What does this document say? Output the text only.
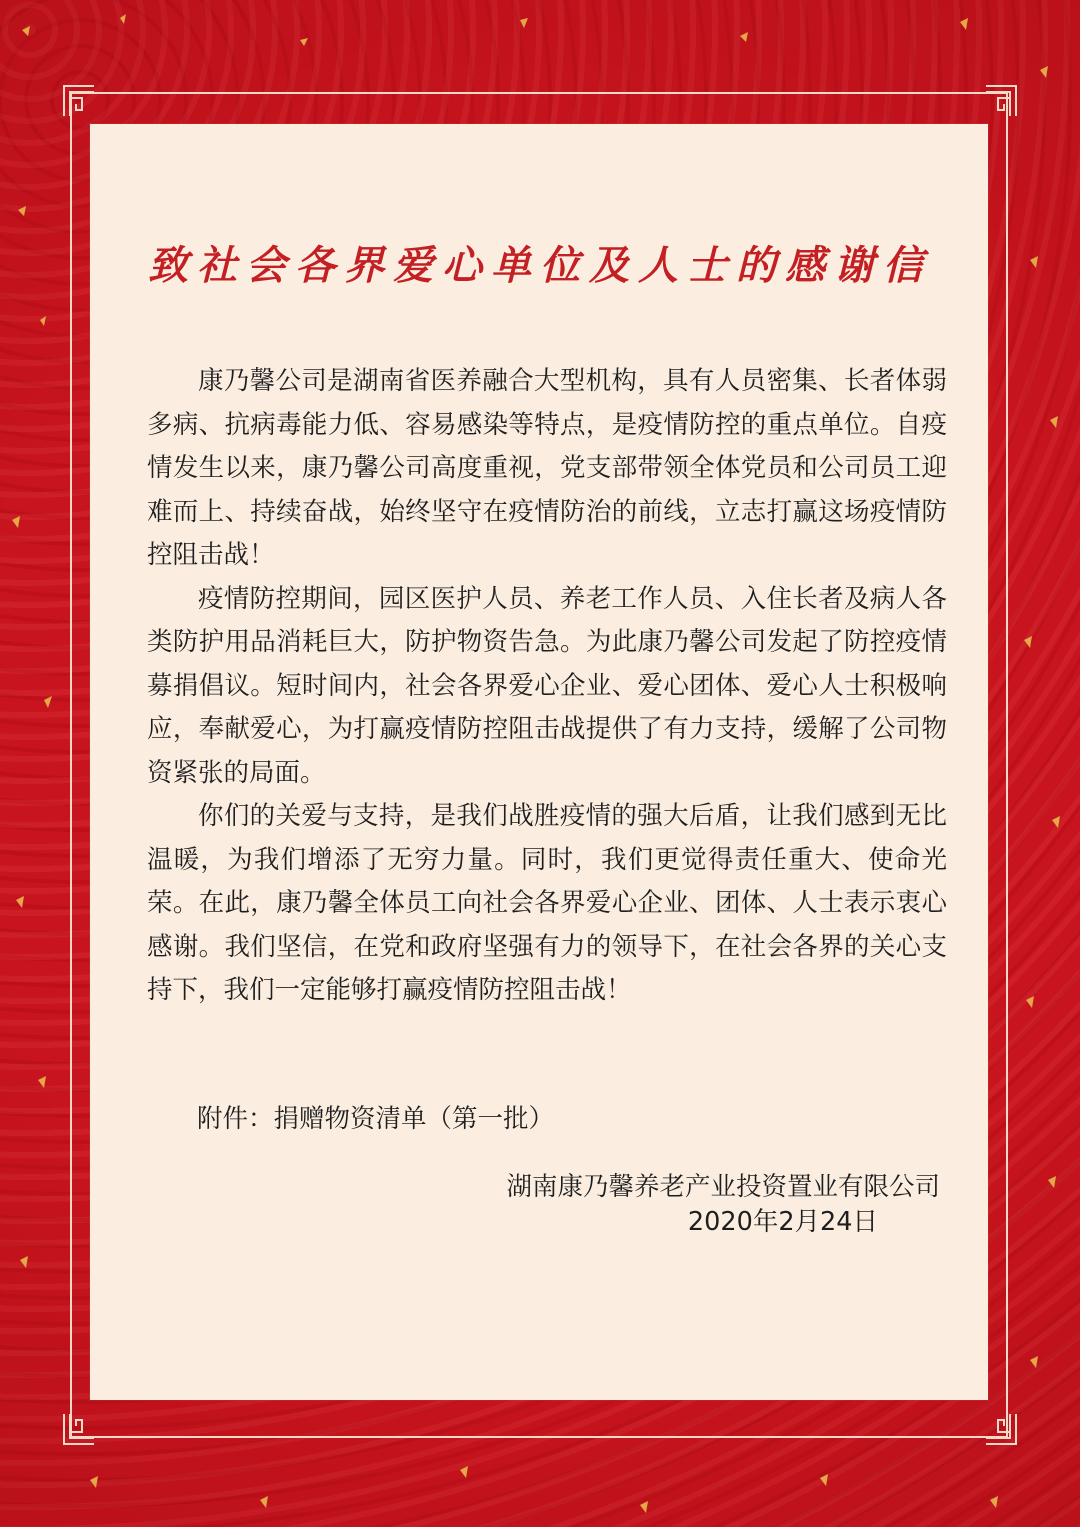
致社会各界爱心单位及人士的感谢信

康乃馨公司是湖南省医养融合大型机构，具有人员密集、长者体弱多病、抗病毒能力低、容易感染等特点，是疫情防控的重点单位。自疫情发生以来，康乃馨公司高度重视，党支部带领全体党员和公司员工迎难而上、持续奋战，始终坚守在疫情防治的前线，立志打赢这场疫情防控阻击战！

疫情防控期间，园区医护人员、养老工作人员、入住长者及病人各类防护用品消耗巨大，防护物资告急。为此康乃馨公司发起了防控疫情募捐倡议。短时间内，社会各界爱心企业、爱心团体、爱心人士积极响应，奉献爱心，为打赢疫情防控阻击战提供了有力支持，缓解了公司物资紧张的局面。

你们的关爱与支持，是我们战胜疫情的强大后盾，让我们感到无比温暖，为我们增添了无穷力量。同时，我们更觉得责任重大、使命光荣。在此，康乃馨全体员工向社会各界爱心企业、团体、人士表示衷心感谢。我们坚信，在党和政府坚强有力的领导下，在社会各界的关心支持下，我们一定能够打赢疫情防控阻击战！

附件：捐赠物资清单（第一批）
湖南康乃馨养老产业投资置业有限公司

2020年2月24日
